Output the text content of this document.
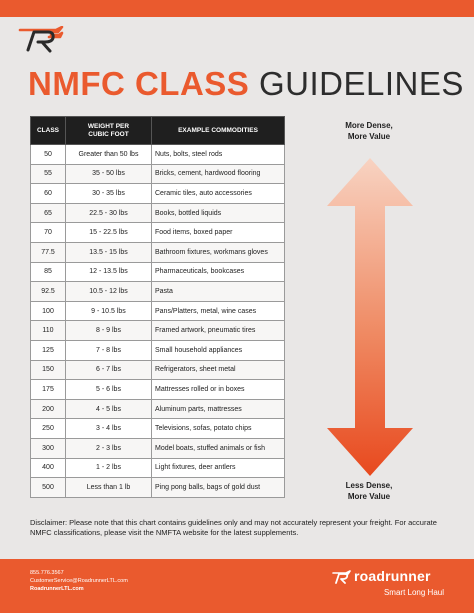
NMFC CLASS GUIDELINES
CLASS	WEIGHT PER CUBIC FOOT	EXAMPLE COMMODITIES
50	Greater than 50 lbs	Nuts, bolts, steel rods
55	35 - 50 lbs	Bricks, cement, hardwood flooring
60	30 - 35 lbs	Ceramic tiles, auto accessories
65	22.5 - 30 lbs	Books, bottled liquids
70	15 - 22.5 lbs	Food items, boxed paper
77.5	13.5 - 15 lbs	Bathroom fixtures, workmans gloves
85	12 - 13.5 lbs	Pharmaceuticals, bookcases
92.5	10.5 - 12 lbs	Pasta
100	9 - 10.5 lbs	Pans/Platters, metal, wine cases
110	8 - 9 lbs	Framed artwork, pneumatic tires
125	7 - 8 lbs	Small household appliances
150	6 - 7 lbs	Refrigerators, sheet metal
175	5 - 6 lbs	Mattresses rolled or in boxes
200	4 - 5 lbs	Aluminum parts, mattresses
250	3 - 4 lbs	Televisions, sofas, potato chips
300	2 - 3 lbs	Model boats, stuffed animals or fish
400	1 - 2 lbs	Light fixtures, deer antlers
500	Less than 1 lb	Ping pong balls, bags of gold dust
More Dense,
More Value
Less Dense,
More Value
Disclaimer: Please note that this chart contains guidelines only and may not accurately represent your freight. For accurate NMFC classifications, please visit the NMFTA website for the latest supplements.
855.776.3567
CustomerService@RoadrunnerLTL.com
RoadrunnerLTL.com
roadrunner
Smart Long Haul
